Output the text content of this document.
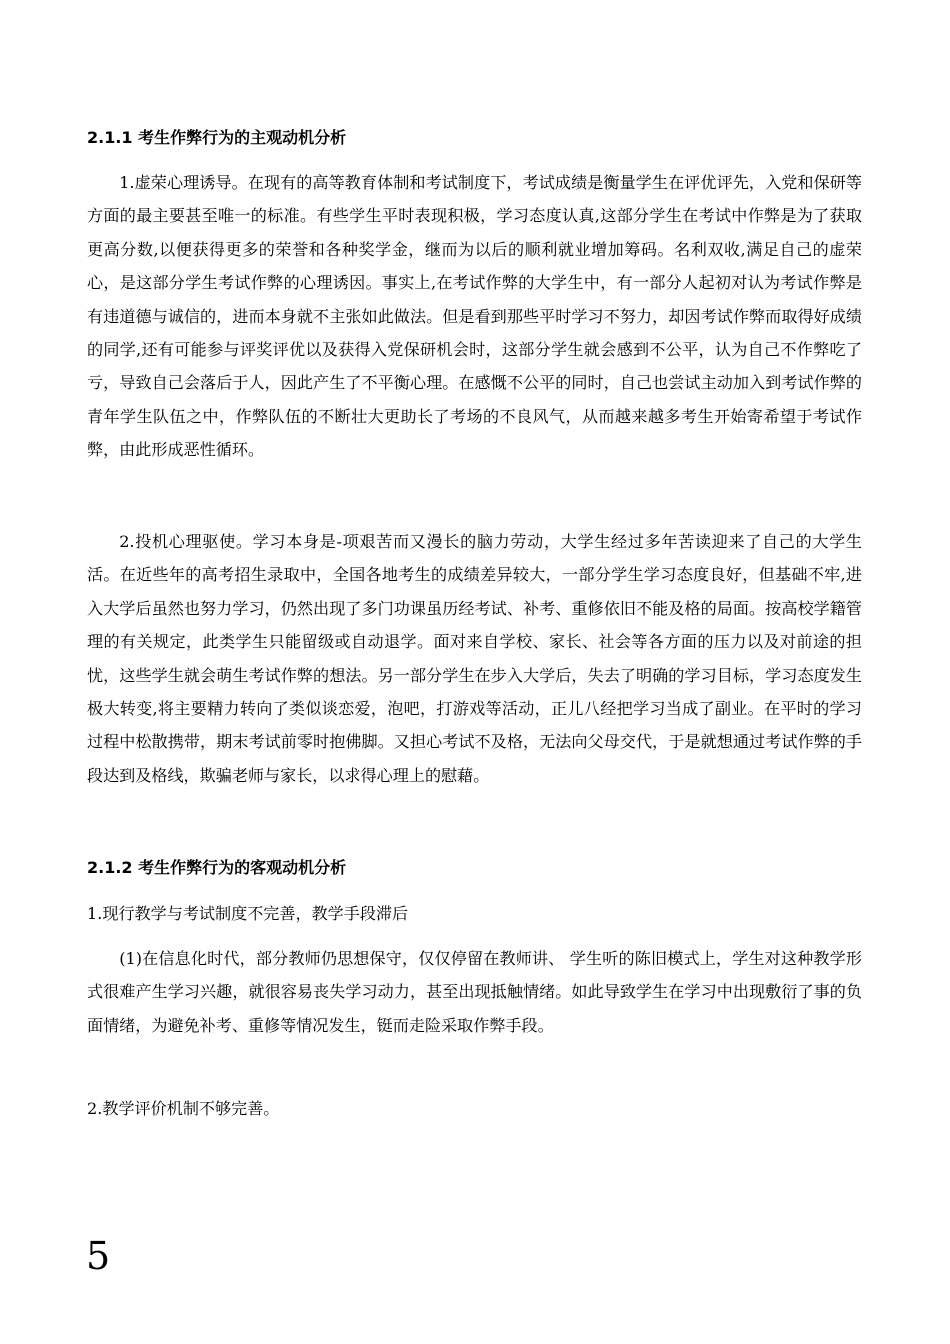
2.1.1 考生作弊行为的主观动机分析
1.虚荣心理诱导。在现有的高等教育体制和考试制度下，考试成绩是衡量学生在评优评先，入党和保研等方面的最主要甚至唯一的标准。有些学生平时表现积极，学习态度认真,这部分学生在考试中作弊是为了获取更高分数,以便获得更多的荣誉和各种奖学金，继而为以后的顺利就业增加筹码。名利双收,满足自己的虚荣心，是这部分学生考试作弊的心理诱因。事实上,在考试作弊的大学生中，有一部分人起初对认为考试作弊是有违道德与诚信的，进而本身就不主张如此做法。但是看到那些平时学习不努力，却因考试作弊而取得好成绩的同学,还有可能参与评奖评优以及获得入党保研机会时，这部分学生就会感到不公平，认为自己不作弊吃了亏，导致自己会落后于人，因此产生了不平衡心理。在感慨不公平的同时，自己也尝试主动加入到考试作弊的青年学生队伍之中，作弊队伍的不断壮大更助长了考场的不良风气，从而越来越多考生开始寄希望于考试作弊，由此形成恶性循环。
2.投机心理驱使。学习本身是-项艰苦而又漫长的脑力劳动，大学生经过多年苦读迎来了自己的大学生活。在近些年的高考招生录取中，全国各地考生的成绩差异较大，一部分学生学习态度良好，但基础不牢,进入大学后虽然也努力学习，仍然出现了多门功课虽历经考试、补考、重修依旧不能及格的局面。按高校学籍管理的有关规定，此类学生只能留级或自动退学。面对来自学校、家长、社会等各方面的压力以及对前途的担忧，这些学生就会萌生考试作弊的想法。另一部分学生在步入大学后，失去了明确的学习目标，学习态度发生极大转变,将主要精力转向了类似谈恋爱，泡吧，打游戏等活动，正儿八经把学习当成了副业。在平时的学习过程中松散携带，期末考试前零时抱佛脚。又担心考试不及格，无法向父母交代，于是就想通过考试作弊的手段达到及格线，欺骗老师与家长，以求得心理上的慰藉。
2.1.2 考生作弊行为的客观动机分析
1.现行教学与考试制度不完善，教学手段滞后
(1)在信息化时代，部分教师仍思想保守，仅仅停留在教师讲、 学生听的陈旧模式上，学生对这种教学形式很难产生学习兴趣，就很容易丧失学习动力，甚至出现抵触情绪。如此导致学生在学习中出现敷衍了事的负面情绪，为避免补考、重修等情况发生，铤而走险采取作弊手段。
2.教学评价机制不够完善。
5
